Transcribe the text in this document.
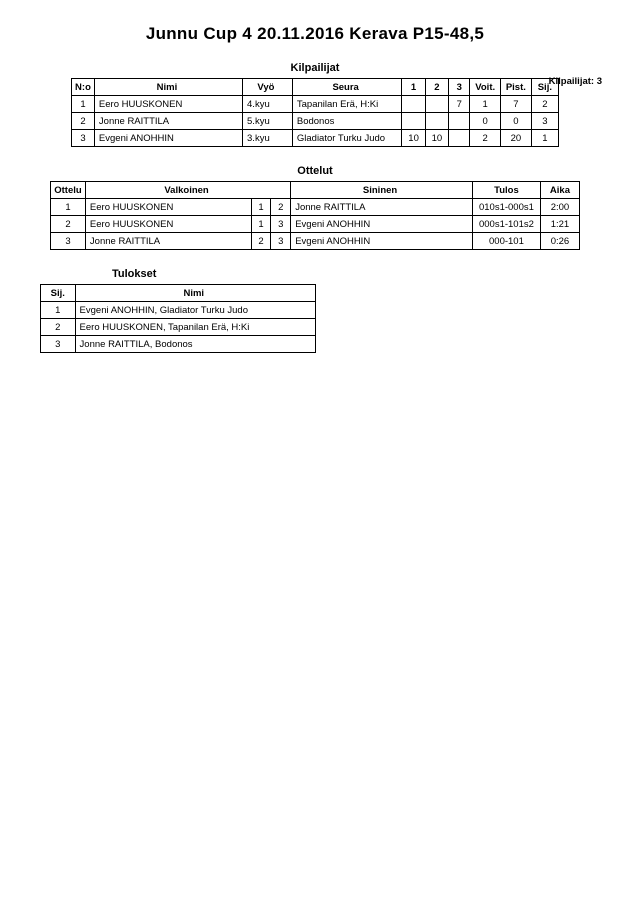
Junnu Cup 4 20.11.2016 Kerava P15-48,5
Kilpailijat: 3
Kilpailijat
N:o	Nimi	Vyö	Seura	1	2	3	Voit.	Pist.	Sij.
1	Eero HUUSKONEN	4.kyu	Tapanilan Erä, H:Ki			7	1	7	2
2	Jonne RAITTILA	5.kyu	Bodonos				0	0	3
3	Evgeni ANOHHIN	3.kyu	Gladiator Turku Judo	10	10		2	20	1
Ottelut
Ottelu	Valkoinen			Sininen	Tulos	Aika
1	Eero HUUSKONEN	1	2	Jonne RAITTILA	010s1-000s1	2:00
2	Eero HUUSKONEN	1	3	Evgeni ANOHHIN	000s1-101s2	1:21
3	Jonne RAITTILA	2	3	Evgeni ANOHHIN	000-101	0:26
Tulokset
Sij.	Nimi
1	Evgeni ANOHHIN, Gladiator Turku Judo
2	Eero HUUSKONEN, Tapanilan Erä, H:Ki
3	Jonne RAITTILA, Bodonos
